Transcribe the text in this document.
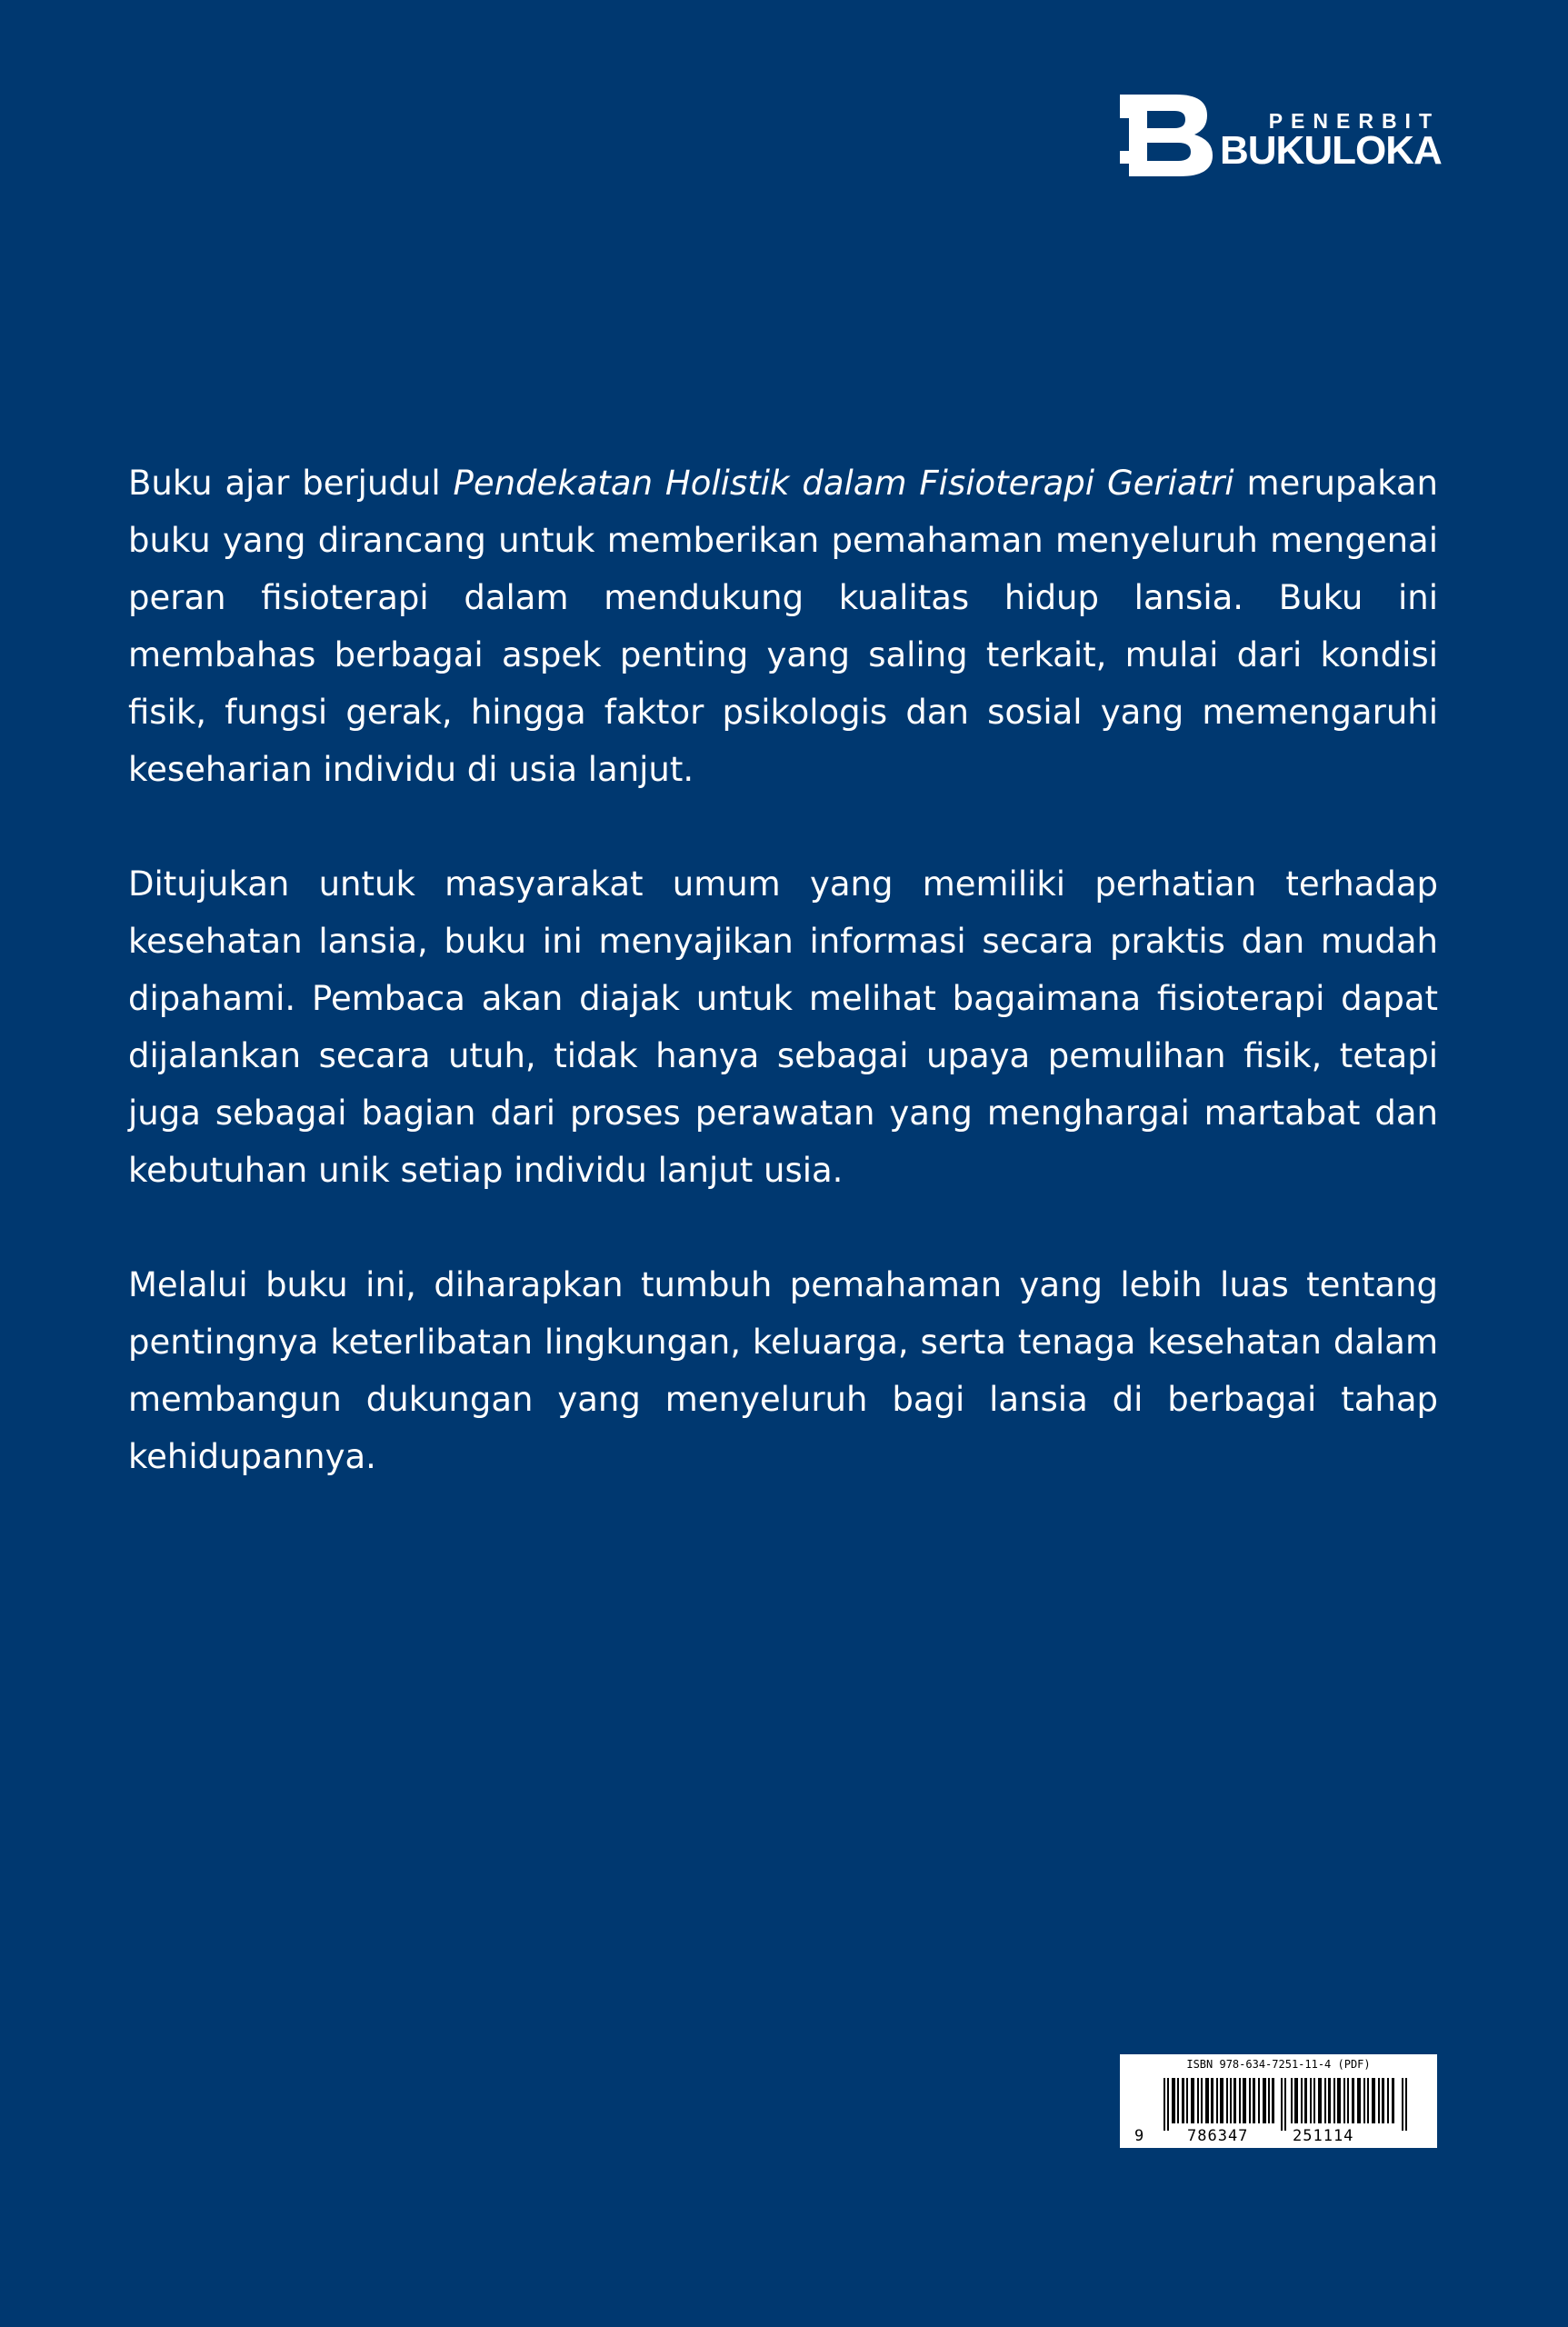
PENERBIT
BUKULOKA

Buku ajar berjudul Pendekatan Holistik dalam Fisioterapi Geriatri merupakan buku yang dirancang untuk memberikan pemahaman menyeluruh mengenai peran fisioterapi dalam mendukung kualitas hidup lansia. Buku ini membahas berbagai aspek penting yang saling terkait, mulai dari kondisi fisik, fungsi gerak, hingga faktor psikologis dan sosial yang memengaruhi keseharian individu di usia lanjut.

Ditujukan untuk masyarakat umum yang memiliki perhatian terhadap kesehatan lansia, buku ini menyajikan informasi secara praktis dan mudah dipahami. Pembaca akan diajak untuk melihat bagaimana fisioterapi dapat dijalankan secara utuh, tidak hanya sebagai upaya pemulihan fisik, tetapi juga sebagai bagian dari proses perawatan yang menghargai martabat dan kebutuhan unik setiap individu lanjut usia.

Melalui buku ini, diharapkan tumbuh pemahaman yang lebih luas tentang pentingnya keterlibatan lingkungan, keluarga, serta tenaga kesehatan dalam membangun dukungan yang menyeluruh bagi lansia di berbagai tahap kehidupannya.

ISBN 978-634-7251-11-4 (PDF)
9	786347	251114
